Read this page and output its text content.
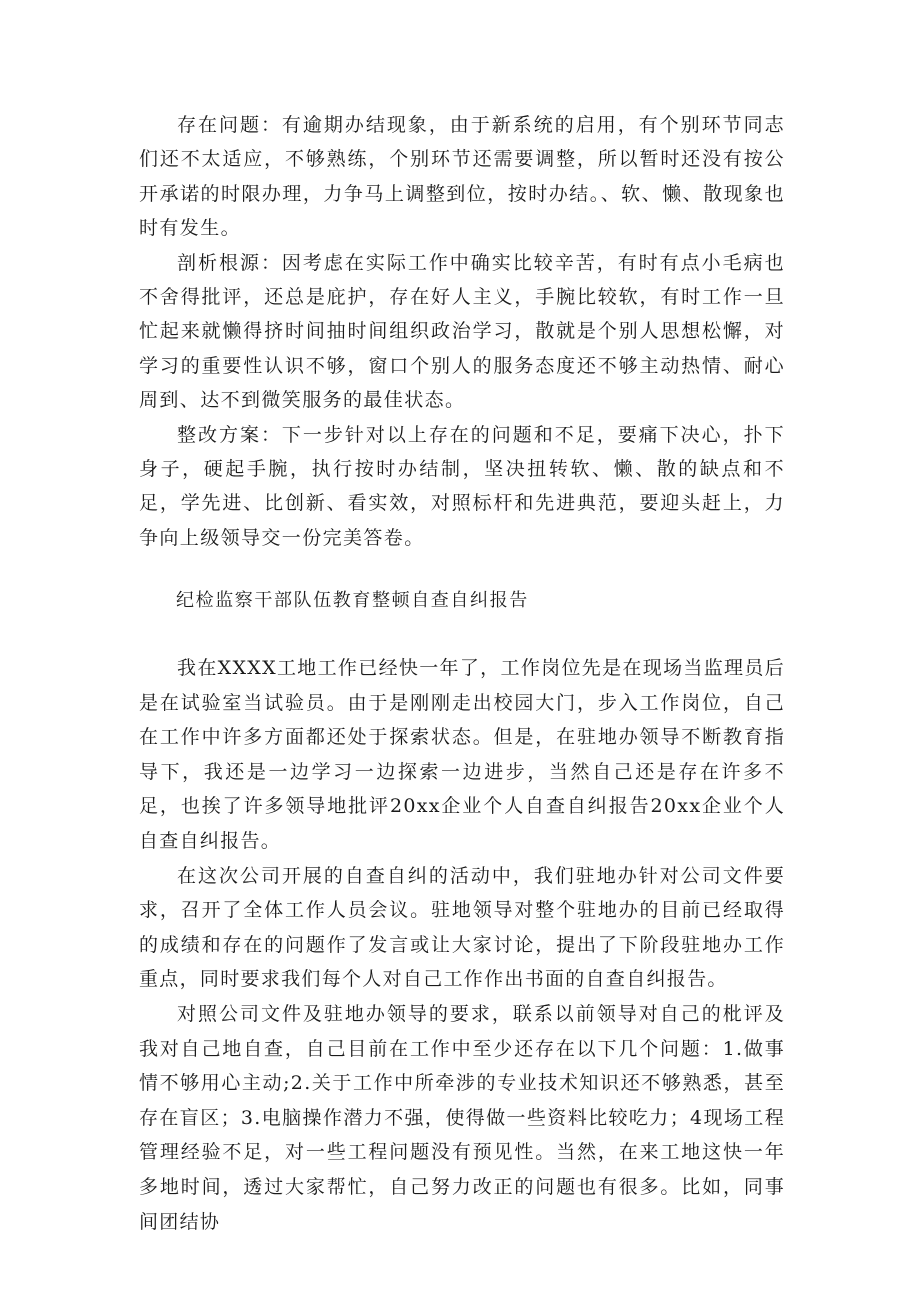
存在问题：有逾期办结现象，由于新系统的启用，有个别环节同志们还不太适应，不够熟练，个别环节还需要调整，所以暂时还没有按公开承诺的时限办理，力争马上调整到位，按时办结。、软、懒、散现象也时有发生。

剖析根源：因考虑在实际工作中确实比较辛苦，有时有点小毛病也不舍得批评，还总是庇护，存在好人主义，手腕比较软，有时工作一旦忙起来就懒得挤时间抽时间组织政治学习，散就是个别人思想松懈，对学习的重要性认识不够，窗口个别人的服务态度还不够主动热情、耐心周到、达不到微笑服务的最佳状态。

整改方案：下一步针对以上存在的问题和不足，要痛下决心，扑下身子，硬起手腕，执行按时办结制，坚决扭转软、懒、散的缺点和不足，学先进、比创新、看实效，对照标杆和先进典范，要迎头赶上，力争向上级领导交一份完美答卷。

纪检监察干部队伍教育整顿自查自纠报告

我在XXXX工地工作已经快一年了，工作岗位先是在现场当监理员后是在试验室当试验员。由于是刚刚走出校园大门，步入工作岗位，自己在工作中许多方面都还处于探索状态。但是，在驻地办领导不断教育指导下，我还是一边学习一边探索一边进步，当然自己还是存在许多不足，也挨了许多领导地批评20xx企业个人自查自纠报告20xx企业个人自查自纠报告。

在这次公司开展的自查自纠的活动中，我们驻地办针对公司文件要求，召开了全体工作人员会议。驻地领导对整个驻地办的目前已经取得的成绩和存在的问题作了发言或让大家讨论，提出了下阶段驻地办工作重点，同时要求我们每个人对自己工作作出书面的自查自纠报告。

对照公司文件及驻地办领导的要求，联系以前领导对自己的枇评及我对自己地自查，自己目前在工作中至少还存在以下几个问题：1.做事情不够用心主动;2.关于工作中所牵涉的专业技术知识还不够熟悉，甚至存在盲区；3.电脑操作潜力不强，使得做一些资料比较吃力；4现场工程管理经验不足，对一些工程问题没有预见性。当然，在来工地这快一年多地时间，透过大家帮忙，自己努力改正的问题也有很多。比如，同事间团结协
